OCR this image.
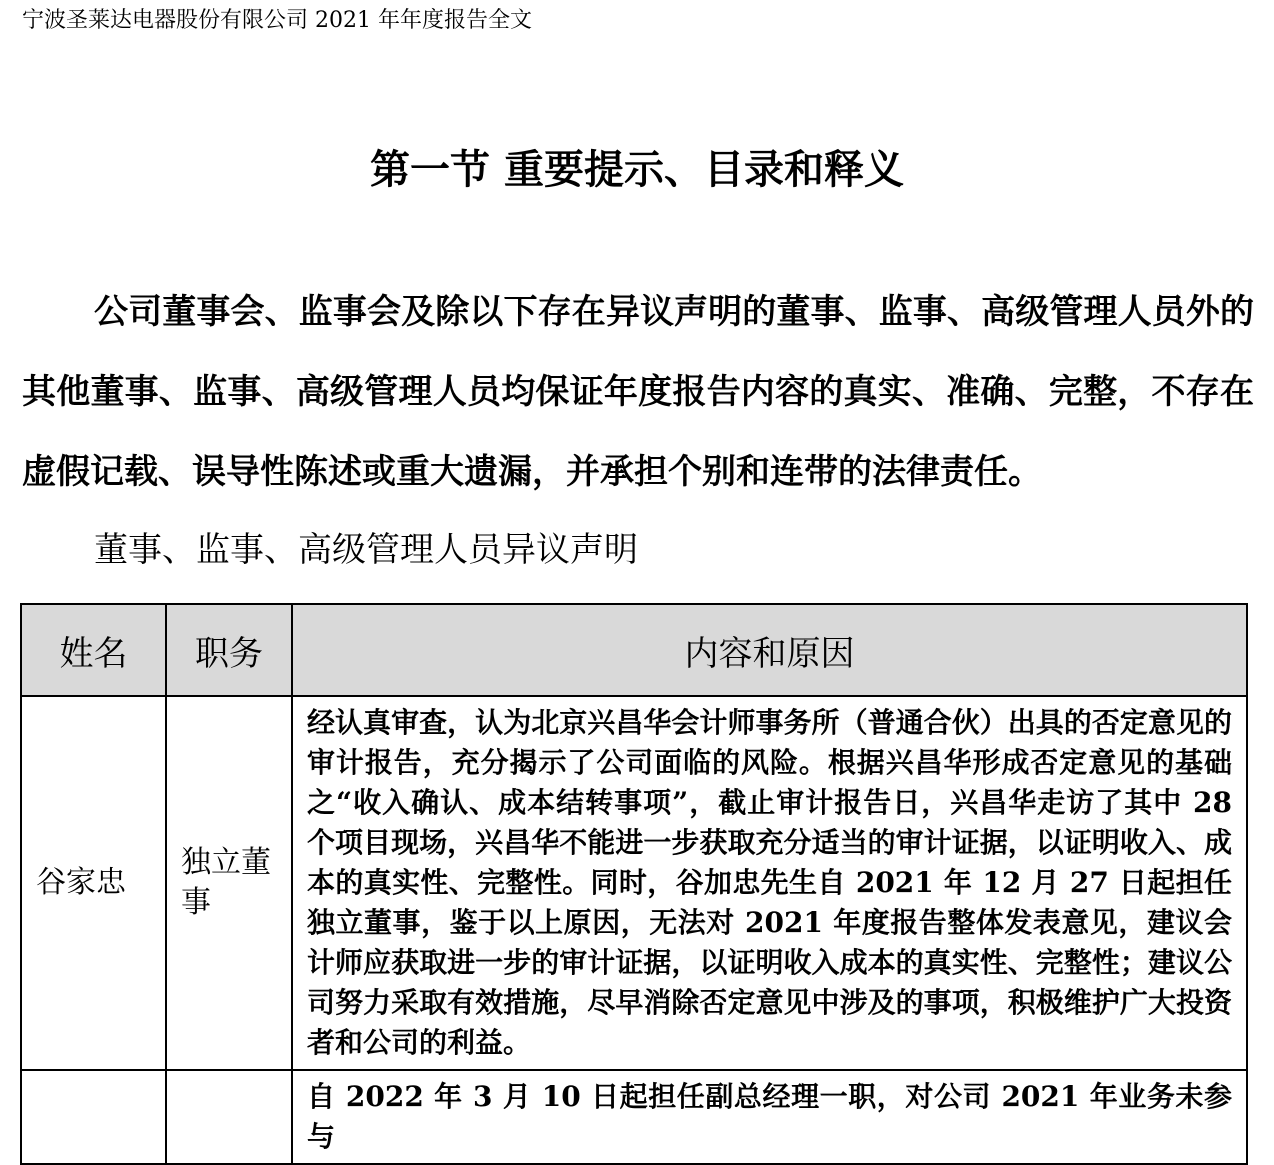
宁波圣莱达电器股份有限公司 2021 年年度报告全文
第一节 重要提示、目录和释义

公司董事会、监事会及除以下存在异议声明的董事、监事、高级管理人员外的其他董事、监事、高级管理人员均保证年度报告内容的真实、准确、完整，不存在虚假记载、误导性陈述或重大遗漏，并承担个别和连带的法律责任。

董事、监事、高级管理人员异议声明

姓名	职务	内容和原因
谷家忠	独立董事	经认真审查，认为北京兴昌华会计师事务所（普通合伙）出具的否定意见的审计报告，充分揭示了公司面临的风险。根据兴昌华形成否定意见的基础之“收入确认、成本结转事项”，截止审计报告日，兴昌华走访了其中 28 个项目现场，兴昌华不能进一步获取充分适当的审计证据，以证明收入、成本的真实性、完整性。同时，谷加忠先生自 2021 年 12 月 27 日起担任独立董事，鉴于以上原因，无法对 2021 年度报告整体发表意见，建议会计师应获取进一步的审计证据，以证明收入成本的真实性、完整性；建议公司努力采取有效措施，尽早消除否定意见中涉及的事项，积极维护广大投资者和公司的利益。
		自 2022 年 3 月 10 日起担任副总经理一职，对公司 2021 年业务未参与
